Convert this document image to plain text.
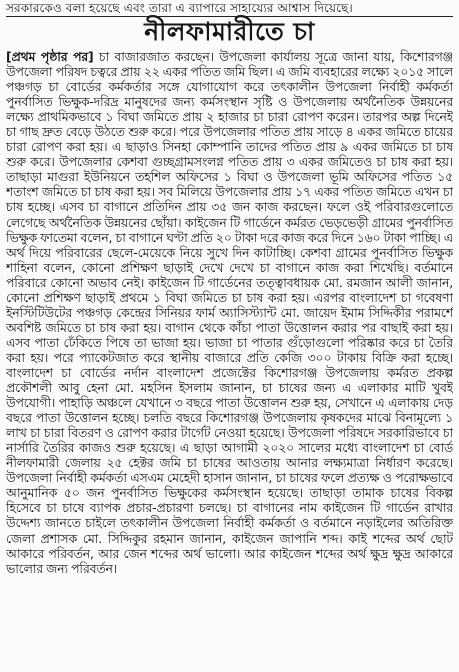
সরকারকেও বলা হয়েছে এবং তারা এ ব্যাপারে সাহায্যের আশ্বাস দিয়েছে।

নীলফামারীতে চা

[প্রথম পৃষ্ঠার পর] চা বাজারজাত করছেন। উপজেলা কার্যালয় সূত্রে জানা যায়, কিশোরগঞ্জ উপজেলা পরিষদ চত্বরে প্রায় ২২ একর পতিত জমি ছিল। এ জমি ব্যবহারের লক্ষ্যে ২০১৫ সালে পঞ্চগড় চা বোর্ডের কর্মকর্তার সঙ্গে যোগাযোগ করে তৎকালীন উপজেলা নির্বাহী কর্মকর্তা পুনর্বাসিত ভিক্ষুক-দরিদ্র মানুষদের জন্য কর্মসংস্থান সৃষ্টি ও উপজেলায় অর্থনৈতিক উন্নয়নের লক্ষ্যে প্রাথমিকভাবে ১ বিঘা জমিতে প্রায় ২ হাজার চা চারা রোপণ করেন। তারপর অল্প দিনেই চা গাছ দ্রুত বেড়ে উঠতে শুরু করে। পরে উপজেলার পতিত প্রায় সাড়ে ৪ একর জমিতে চায়ের চারা রোপণ করা হয়। এ ছাড়াও সিনহা কোম্পানি তাদের পতিত প্রায় ৯ একর জমিতে চা চাষ শুরু করে। উপজেলার কেশবা গুচ্ছগ্রামসংলগ্ন পতিত প্রায় ৩ একর জমিতেও চা চাষ করা হয়। তাছাড়া মাগুরা ইউনিয়নে তহশিল অফিসের ১ বিঘা ও উপজেলা ভূমি অফিসের পতিত ১৫ শতাংশ জমিতে চা চাষ করা হয়। সব মিলিয়ে উপজেলার প্রায় ১৭ একর পতিত জমিতে এখন চা চাষ হচ্ছে। এসব চা বাগানে প্রতিদিন প্রায় ৩৫ জন কাজ করছেন। ফলে ওই পরিবারগুলোতে লেগেছে অর্থনৈতিক উন্নয়নের ছোঁয়া। কাইজেন টি গার্ডেনে কর্মরত ভেড়ভেড়ী গ্রামের পুনর্বাসিত ভিক্ষুক ফাতেমা বলেন, চা বাগানে ঘণ্টা প্রতি ২০ টাকা দরে কাজ করে দিনে ১৬০ টাকা পাচ্ছি। এ অর্থ দিয়ে পরিবারের ছেলে-মেয়েকে নিয়ে সুখে দিন কাটাচ্ছি। কেশবা গ্রামের পুনর্বাসিত ভিক্ষুক শাহিনা বলেন, কোনো প্রশিক্ষণ ছাড়াই দেখে দেখে চা বাগানে কাজ করা শিখেছি। বর্তমানে পরিবারে কোনো অভাব নেই। কাইজেন টি গার্ডেনের তত্ত্বাবধায়ক মো. রমজান আলী জানান, কোনো প্রশিক্ষণ ছাড়াই প্রথমে ১ বিঘা জমিতে চা চাষ করা হয়। এরপর বাংলাদেশ চা গবেষণা ইনস্টিটিউটের পঞ্চগড় কেন্দ্রের সিনিয়র ফার্ম অ্যাসিস্ট্যান্ট মো. জায়েদ ইমাম সিদ্দিকীর পরামর্শে অবশিষ্ট জমিতে চা চাষ করা হয়। বাগান থেকে কাঁচা পাতা উত্তোলন করার পর বাছাই করা হয়। এসব পাতা ঢেঁকিতে পিষে তা ভাজা হয়। ভাজা চা পাতার গুঁড়োগুলো পরিষ্কার করে চা তৈরি করা হয়। পরে প্যাকেটজাত করে স্থানীয় বাজারে প্রতি কেজি ৩০০ টাকায় বিক্রি করা হচ্ছে। বাংলাদেশ চা বোর্ডের নর্দান বাংলাদেশ প্রজেক্টের কিশোরগঞ্জ উপজেলায় কর্মরত প্রকল্প প্রকৌশলী আবু হেনা মো. মহসিন ইসলাম জানান, চা চাষের জন্য এ এলাকার মাটি খুবই উপযোগী। পাহাড়ি অঞ্চলে যেখানে ৩ বছরে পাতা উত্তোলন শুরু হয়, সেখানে এ এলাকায় দেড় বছরে পাতা উত্তোলন হচ্ছে। চলতি বছরে কিশোরগঞ্জ উপজেলায় কৃষকদের মাঝে বিনামূল্যে ১ লাখ চা চারা বিতরণ ও রোপণ করার টার্গেট নেওয়া হয়েছে। উপজেলা পরিষদে সরকারিভাবে চা নার্সারি তৈরির কাজও শুরু হয়েছে। এ ছাড়া আগামী ২০২০ সালের মধ্যে বাংলাদেশ চা বোর্ড নীলফামারী জেলায় ২৫ হেক্টর জমি চা চাষের আওতায় আনার লক্ষ্যমাত্রা নির্ধারণ করেছে। উপজেলা নির্বাহী কর্মকর্তা এসএম মেহেদী হাসান জানান, চা চাষের ফলে প্রত্যক্ষ ও পরোক্ষভাবে আনুমানিক ৫০ জন পুনর্বাসিত ভিক্ষুকের কর্মসংস্থান হয়েছে। তাছাড়া তামাক চাষের বিকল্প হিসেবে চা চাষে ব্যাপক প্রচার-প্রচারণা চলছে। চা বাগানের নাম কাইজেন টি গার্ডেন রাখার উদ্দেশ্য জানতে চাইলে তৎকালীন উপজেলা নির্বাহী কর্মকর্তা ও বর্তমানে নড়াইলের অতিরিক্ত জেলা প্রশাসক মো. সিদ্দিকুর রহমান জানান, কাইজেন জাপানি শব্দ। কাই শব্দের অর্থ ছোট আকারে পরিবর্তন, আর জেন শব্দের অর্থ ভালো। আর কাইজেন শব্দের অর্থ ক্ষুদ্র ক্ষুদ্র আকারে ভালোর জন্য পরিবর্তন।
